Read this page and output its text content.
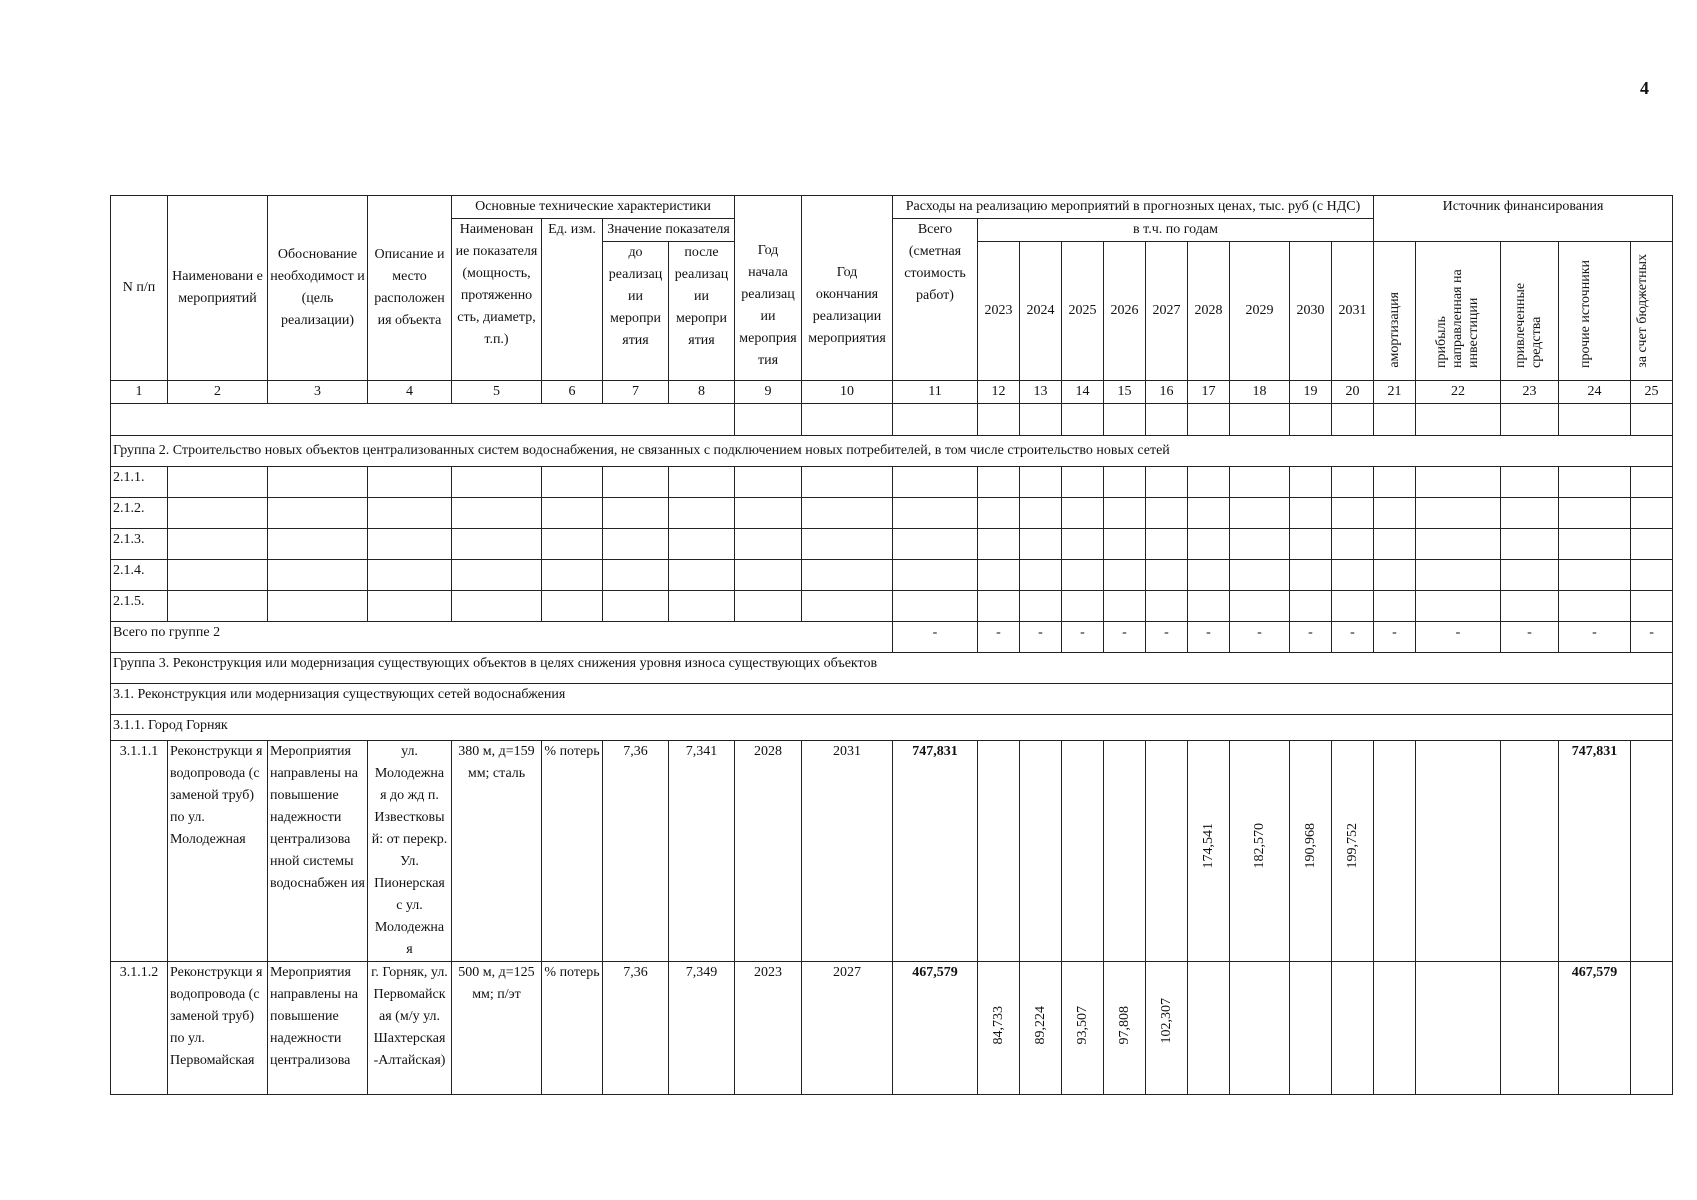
4
N п/п	Наименовани е мероприятий	Обоснование необходимост и (цель реализации)	Описание и место расположен ия объекта	Основные технические характеристики				Год начала реализац ии мероприя тия	Год окончания реализации мероприятия	Расходы на реализацию мероприятий в прогнозных ценах, тыс. руб (с НДС)										Источник финансирования				
				Наименован ие показателя (мощность, протяженно сть, диаметр, т.п.)	Ед. изм.	Значение показателя				Всего (сметная стоимость работ)	в т.ч. по годам													
						до реализац ии меропри ятия	после реализац ии меропри ятия				2023	2024	2025	2026	2027	2028	2029	2030	2031	амортизация	прибыль направленная на инвестиции	привлеченные средства	прочие источники	за счет бюджетных
1	2	3	4	5	6	7	8	9	10	11	12	13	14	15	16	17	18	19	20	21	22	23	24	25

Группа 2. Строительство новых объектов централизованных систем водоснабжения, не связанных с подключением новых потребителей, в том числе строительство новых сетей																								
2.1.1.																								
2.1.2.																								
2.1.3.																								
2.1.4.																								
2.1.5.																								
Всего по группе 2										-	-	-	-	-	-	-	-	-	-	-	-	-	-	-
Группа 3. Реконструкция или модернизация существующих объектов в целях снижения уровня износа существующих объектов																								
3.1. Реконструкция или модернизация существующих сетей водоснабжения																								
3.1.1. Город Горняк																								
3.1.1.1	Реконструкци я водопровода (с заменой труб) по ул. Молодежная	Мероприятия направлены на повышение надежности централизова нной системы водоснабжен ия	ул. Молодежна я до жд п. Известковы й: от перекр. Ул. Пионерская с ул. Молодежна я	380 м, д=159 мм; сталь	% потерь	7,36	7,341	2028	2031	747,831						174,541	182,570	190,968	199,752				747,831	
3.1.1.2	Реконструкци я водопровода (с заменой труб) по ул. Первомайская	Мероприятия направлены на повышение надежности централизова	г. Горняк, ул. Первомайск ая (м/у ул. Шахтерская -Алтайская)	500 м, д=125 мм; п/эт	% потерь	7,36	7,349	2023	2027	467,579	84,733	89,224	93,507	97,808	102,307								467,579	
